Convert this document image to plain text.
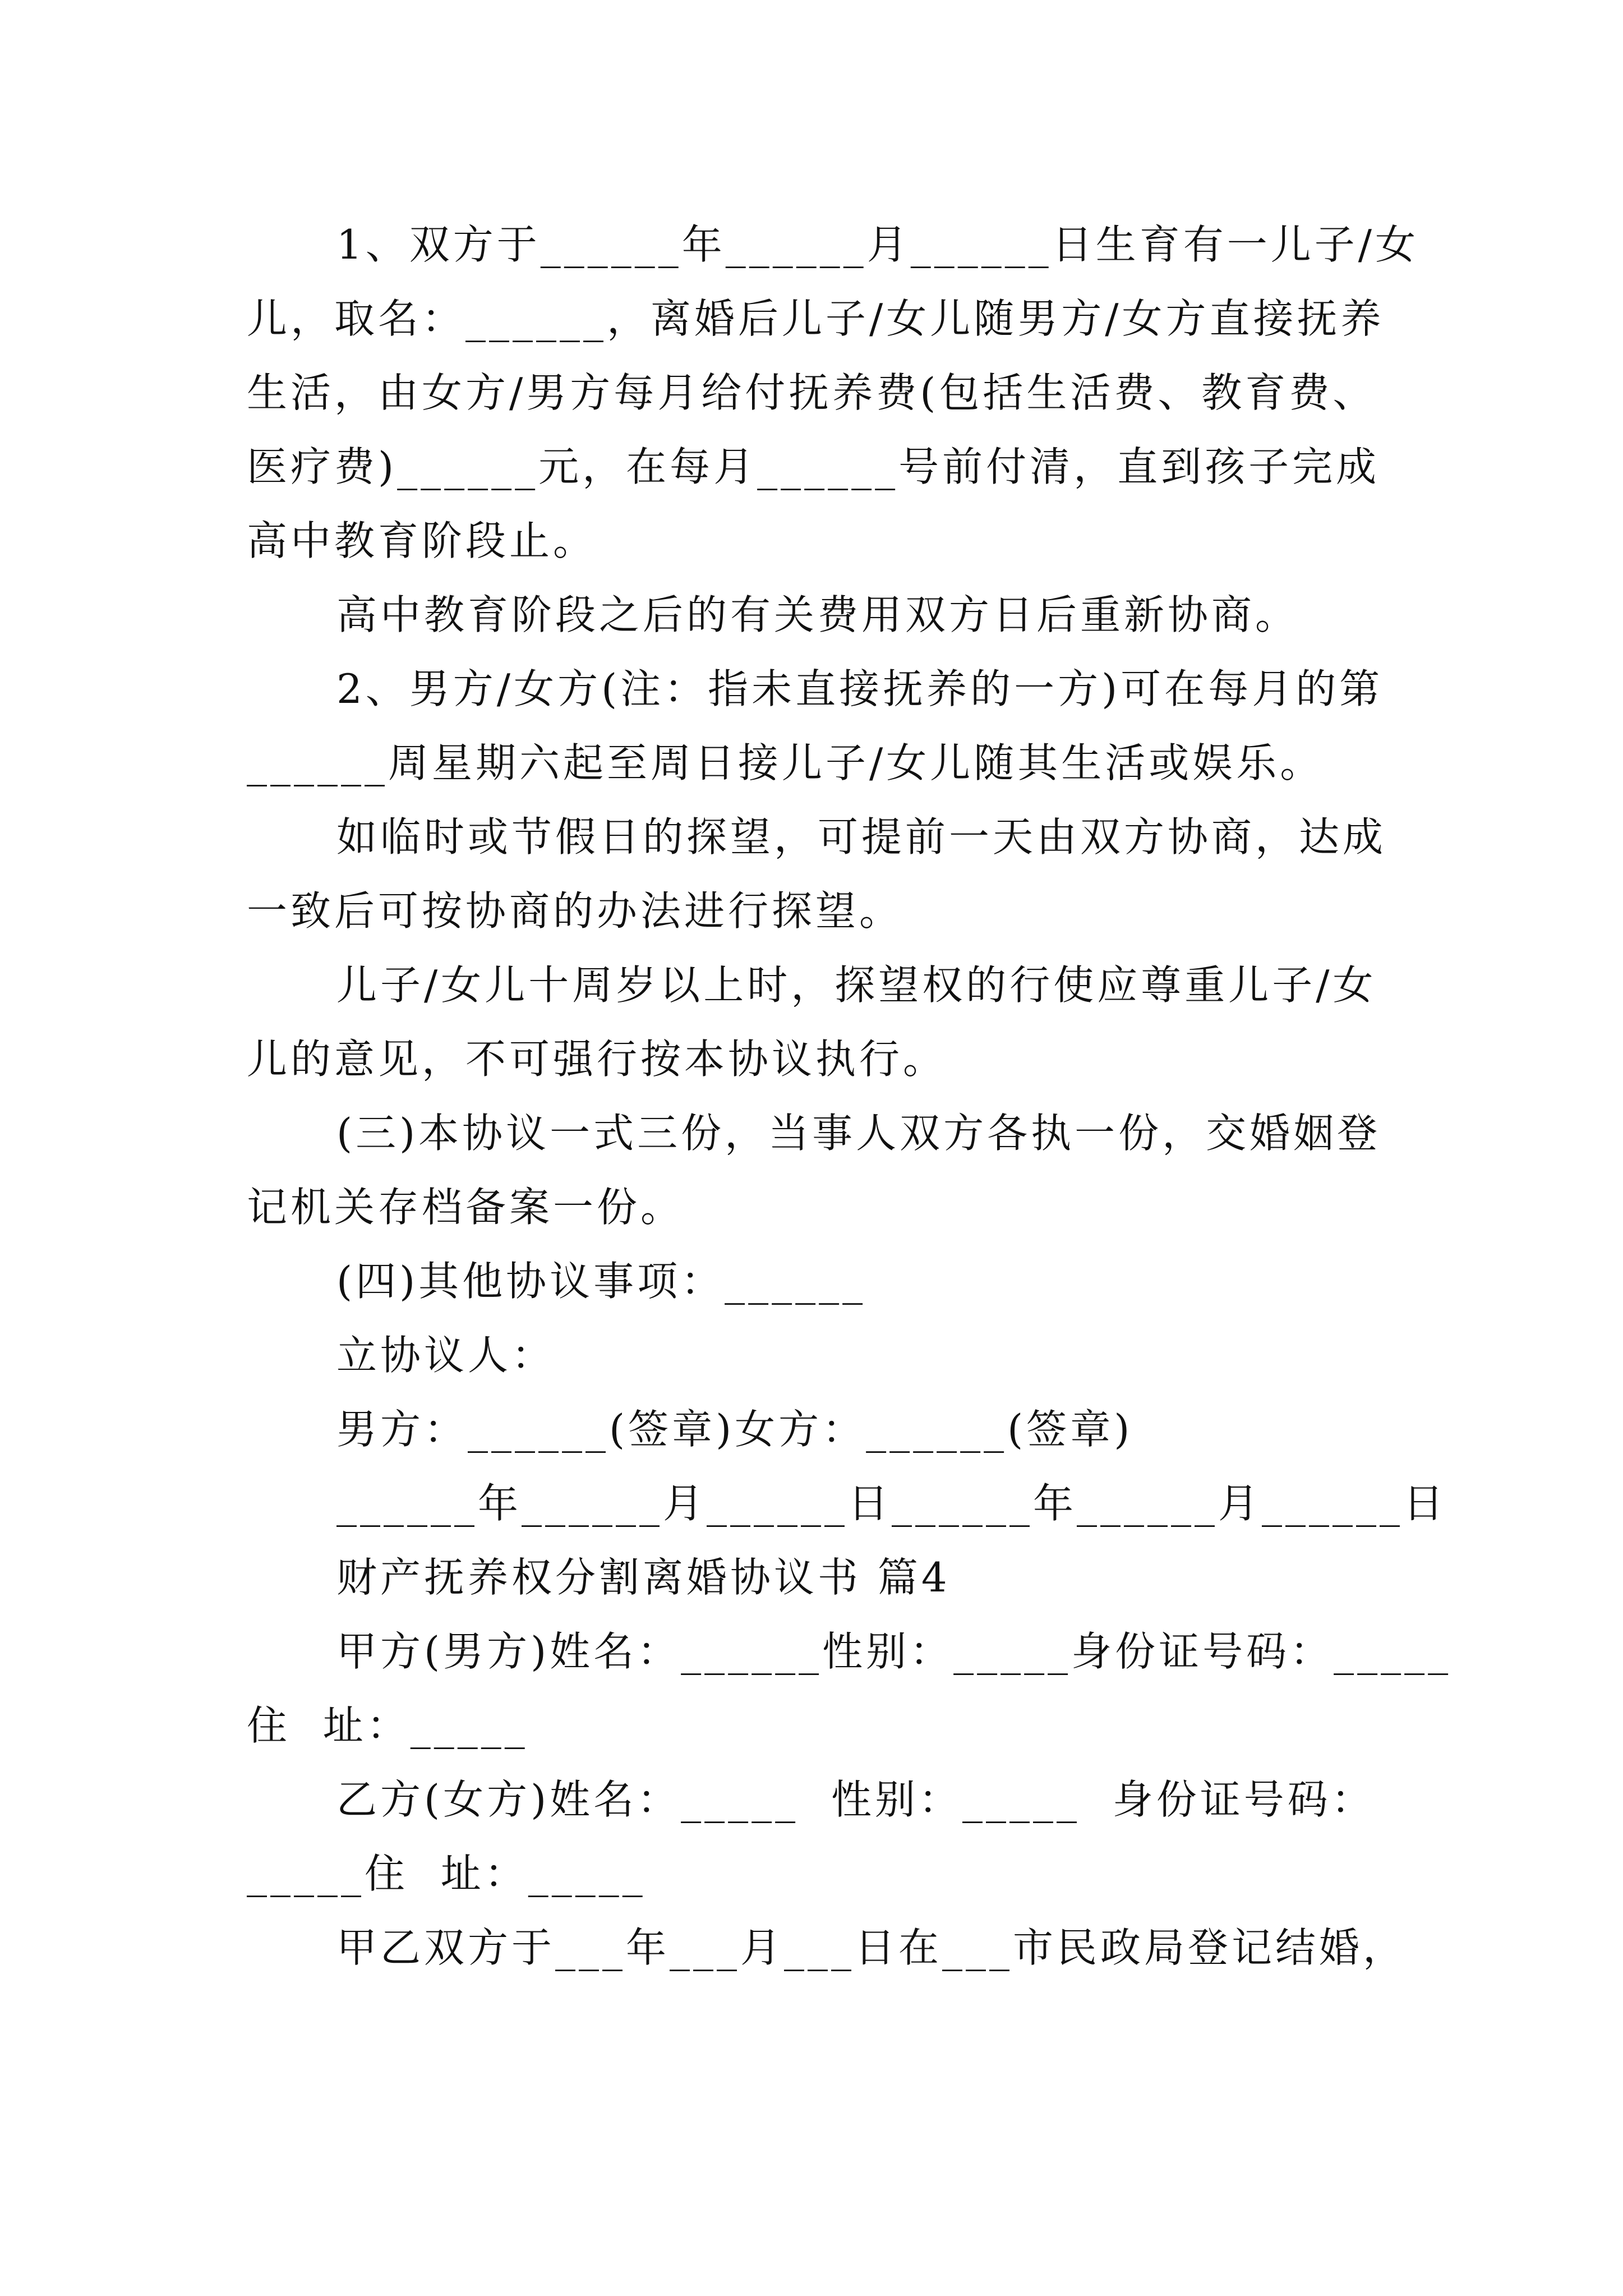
1、双方于______年______月______日生育有一儿子/女
儿，取名：______，离婚后儿子/女儿随男方/女方直接抚养
生活，由女方/男方每月给付抚养费(包括生活费、教育费、
医疗费)______元，在每月______号前付清，直到孩子完成
高中教育阶段止。
高中教育阶段之后的有关费用双方日后重新协商。
2、男方/女方(注：指未直接抚养的一方)可在每月的第
______周星期六起至周日接儿子/女儿随其生活或娱乐。
如临时或节假日的探望，可提前一天由双方协商，达成
一致后可按协商的办法进行探望。
儿子/女儿十周岁以上时，探望权的行使应尊重儿子/女
儿的意见，不可强行按本协议执行。
(三)本协议一式三份，当事人双方各执一份，交婚姻登
记机关存档备案一份。
(四)其他协议事项：______
立协议人：
男方：______(签章)女方：______(签章)
______年______月______日______年______月______日
财产抚养权分割离婚协议书 篇4
甲方(男方)姓名：______性别：_____身份证号码：_____
住  址：_____
乙方(女方)姓名：_____  性别：_____  身份证号码：
_____住  址：_____
甲乙双方于___年___月___日在___市民政局登记结婚，
